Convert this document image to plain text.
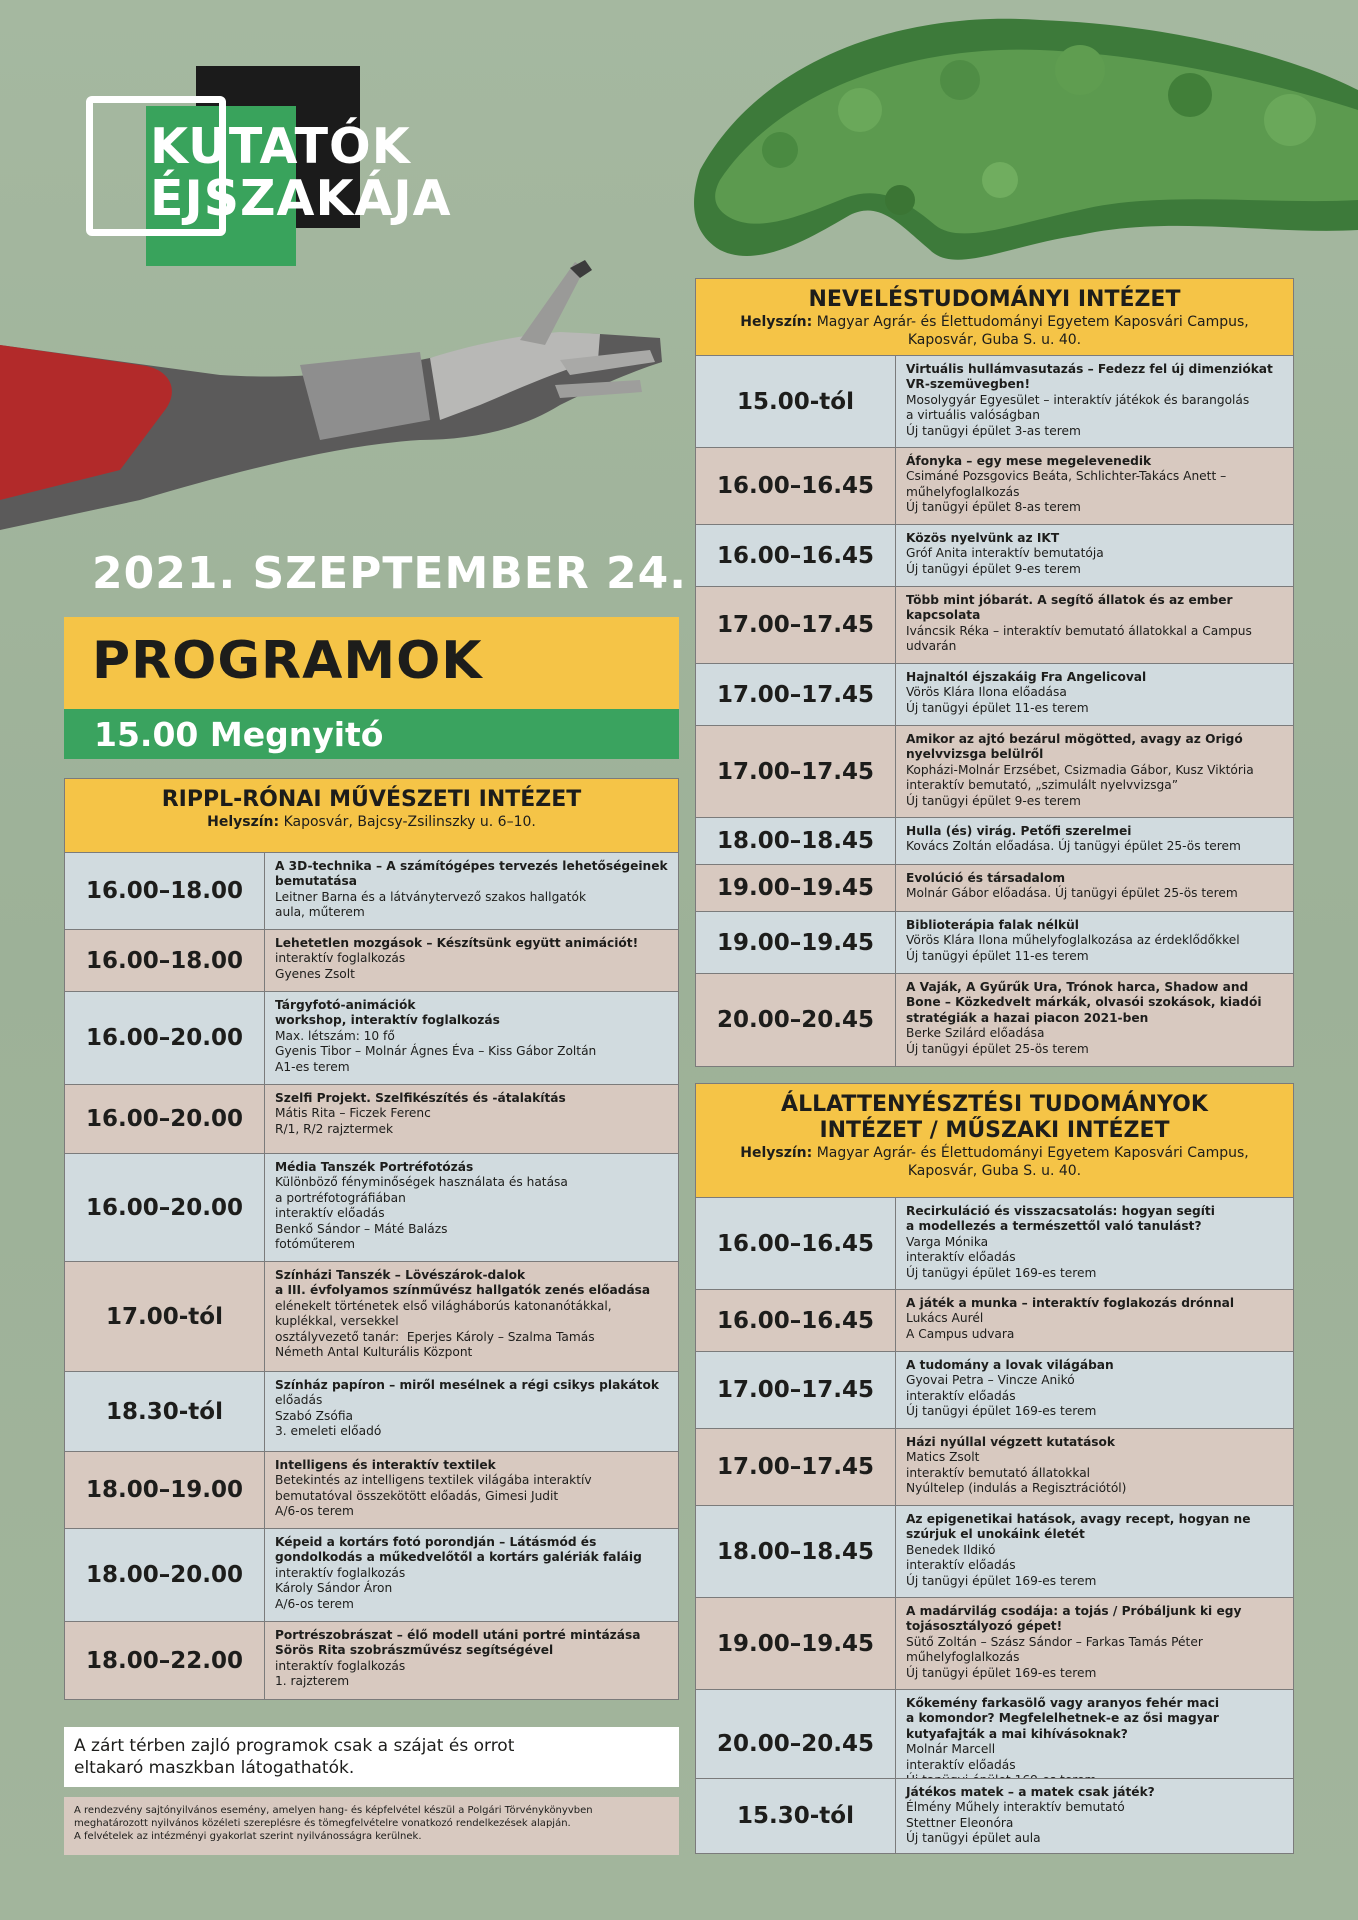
KUTATÓK
ÉJSZAKÁJA
2021. SZEPTEMBER 24.
PROGRAMOK
15.00 Megnyitó
RIPPL-RÓNAI MŰVÉSZETI INTÉZET
Helyszín: Kaposvár, Bajcsy-Zsilinszky u. 6–10.
16.00–18.00
A 3D-technika – A számítógépes tervezés lehetőségeinek
bemutatása
Leitner Barna és a látványtervező szakos hallgatók
aula, műterem
16.00–18.00
Lehetetlen mozgások – Készítsünk együtt animációt!
interaktív foglalkozás
Gyenes Zsolt
16.00–20.00
Tárgyfotó-animációk
workshop, interaktív foglalkozás
Max. létszám: 10 fő
Gyenis Tibor – Molnár Ágnes Éva – Kiss Gábor Zoltán
A1-es terem
16.00–20.00
Szelfi Projekt. Szelfikészítés és -átalakítás
Mátis Rita – Ficzek Ferenc
R/1, R/2 rajztermek
16.00–20.00
Média Tanszék Portréfotózás
Különböző fényminőségek használata és hatása
a portréfotográfiában
interaktív előadás
Benkő Sándor – Máté Balázs
fotóműterem
17.00-tól
Színházi Tanszék – Lövészárok-dalok
a III. évfolyamos színművész hallgatók zenés előadása
elénekelt történetek első világháborús katonanótákkal,
kuplékkal, versekkel
osztályvezető tanár:  Eperjes Károly – Szalma Tamás
Németh Antal Kulturális Központ
18.30-tól
Színház papíron – miről mesélnek a régi csikys plakátok
előadás
Szabó Zsófia
3. emeleti előadó
18.00–19.00
Intelligens és interaktív textilek
Betekintés az intelligens textilek világába interaktív
bemutatóval összekötött előadás, Gimesi Judit
A/6-os terem
18.00–20.00
Képeid a kortárs fotó porondján – Látásmód és
gondolkodás a műkedvelőtől a kortárs galériák faláig
interaktív foglalkozás
Károly Sándor Áron
A/6-os terem
18.00–22.00
Portrészobrászat – élő modell utáni portré mintázása
Sörös Rita szobrászművész segítségével
interaktív foglalkozás
1. rajzterem
NEVELÉSTUDOMÁNYI INTÉZET
Helyszín: Magyar Agrár- és Élettudományi Egyetem Kaposvári Campus,
Kaposvár, Guba S. u. 40.
15.00-tól
Virtuális hullámvasutazás – Fedezz fel új dimenziókat
VR-szemüvegben!
Mosolygyár Egyesület – interaktív játékok és barangolás
a virtuális valóságban
Új tanügyi épület 3-as terem
16.00–16.45
Áfonyka – egy mese megelevenedik
Csimáné Pozsgovics Beáta, Schlichter-Takács Anett –
műhelyfoglalkozás
Új tanügyi épület 8-as terem
16.00–16.45
Közös nyelvünk az IKT
Gróf Anita interaktív bemutatója
Új tanügyi épület 9-es terem
17.00–17.45
Több mint jóbarát. A segítő állatok és az ember
kapcsolata
Iváncsik Réka – interaktív bemutató állatokkal a Campus
udvarán
17.00–17.45
Hajnaltól éjszakáig Fra Angelicoval
Vörös Klára Ilona előadása
Új tanügyi épület 11-es terem
17.00–17.45
Amikor az ajtó bezárul mögötted, avagy az Origó
nyelvvizsga belülről
Kopházi-Molnár Erzsébet, Csizmadia Gábor, Kusz Viktória
interaktív bemutató, „szimulált nyelvvizsga”
Új tanügyi épület 9-es terem
18.00–18.45	Hulla (és) virág. Petőfi szerelmei
Kovács Zoltán előadása. Új tanügyi épület 25-ös terem
19.00–19.45	Evolúció és társadalom
Molnár Gábor előadása. Új tanügyi épület 25-ös terem
19.00–19.45
Biblioterápia falak nélkül
Vörös Klára Ilona műhelyfoglalkozása az érdeklődőkkel
Új tanügyi épület 11-es terem
20.00–20.45
A Vaják, A Gyűrűk Ura, Trónok harca, Shadow and
Bone – Közkedvelt márkák, olvasói szokások, kiadói
stratégiák a hazai piacon 2021-ben
Berke Szilárd előadása
Új tanügyi épület 25-ös terem
ÁLLATTENYÉSZTÉSI TUDOMÁNYOK
INTÉZET / MŰSZAKI INTÉZET
Helyszín: Magyar Agrár- és Élettudományi Egyetem Kaposvári Campus,
Kaposvár, Guba S. u. 40.
16.00–16.45
Recirkuláció és visszacsatolás: hogyan segíti
a modellezés a természettől való tanulást?
Varga Mónika
interaktív előadás
Új tanügyi épület 169-es terem
16.00–16.45
A játék a munka – interaktív foglakozás drónnal
Lukács Aurél
A Campus udvara
17.00–17.45
A tudomány a lovak világában
Gyovai Petra – Vincze Anikó
interaktív előadás
Új tanügyi épület 169-es terem
17.00–17.45
Házi nyúllal végzett kutatások
Matics Zsolt
interaktív bemutató állatokkal
Nyúltelep (indulás a Regisztrációtól)
18.00–18.45
Az epigenetikai hatások, avagy recept, hogyan ne
szúrjuk el unokáink életét
Benedek Ildikó
interaktív előadás
Új tanügyi épület 169-es terem
19.00–19.45
A madárvilág csodája: a tojás / Próbáljunk ki egy
tojásosztályozó gépet!
Sütő Zoltán – Szász Sándor – Farkas Tamás Péter
műhelyfoglalkozás
Új tanügyi épület 169-es terem
20.00–20.45
Kőkemény farkasölő vagy aranyos fehér maci
a komondor? Megfelelhetnek-e az ősi magyar
kutyafajták a mai kihívásoknak?
Molnár Marcell
interaktív előadás
15.30-tól
Játékos matek – a matek csak játék?
Élmény Műhely interaktív bemutató
Stettner Eleonóra
Új tanügyi épület aula
A zárt térben zajló programok csak a szájat és orrot
eltakaró maszkban látogathatók.
A rendezvény sajtónyilvános esemény, amelyen hang- és képfelvétel készül a Polgári Törvénykönyvben
meghatározott nyilvános közéleti szereplésre és tömegfelvételre vonatkozó rendelkezések alapján.
A felvételek az intézményi gyakorlat szerint nyilvánosságra kerülnek.
